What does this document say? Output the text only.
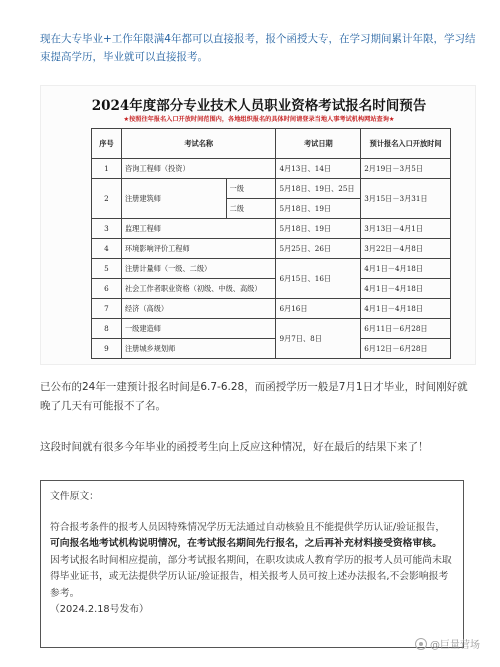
现在大专毕业+工作年限满4年都可以直接报考，报个函授大专，在学习期间累计年限，学习结束提高学历，毕业就可以直接报考。
2024年度部分专业技术人员职业资格考试报名时间预告
★按照往年报名入口开放时间范围内，各地组织报名的具体时间请登录当地人事考试机构网站查询★
序号	考试名称		考试日期	预计报名入口开放时间
1	咨询工程师（投资）		4月13日、14日	2月19日－3月5日
2	注册建筑师	一级	5月18日、19日、25日	3月15日－3月31日
		二级	5月18日、19日	
3	监理工程师		5月18日、19日	3月13日－4月1日
4	环境影响评价工程师		5月25日、26日	3月22日－4月8日
5	注册计量师（一级、二级）		6月15日、16日	4月1日－4月18日
6	社会工作者职业资格（初级、中级、高级）			4月1日－4月18日
7	经济（高级）		6月16日	4月1日－4月18日
8	一级建造师		9月7日、8日	6月11日－6月28日
9	注册城乡规划师			6月12日－6月28日
已公布的24年一建预计报名时间是6.7-6.28，而函授学历一般是7月1日才毕业，时间刚好就晚了几天有可能报不了名。
这段时间就有很多今年毕业的函授考生向上反应这种情况，好在最后的结果下来了！
文件原文：

符合报考条件的报考人员因特殊情况学历无法通过自动核验且不能提供学历认证/验证报告，可向报名地考试机构说明情况，在考试报名期间先行报名，之后再补充材料接受资格审核。

因考试报名时间相应提前，部分考试报名期间，在职攻读成人教育学历的报考人员可能尚未取得毕业证书，或无法提供学历认证/验证报告，相关报考人员可按上述办法报名,不会影响报考参考。

（2024.2.18号发布）

@巨量营场
